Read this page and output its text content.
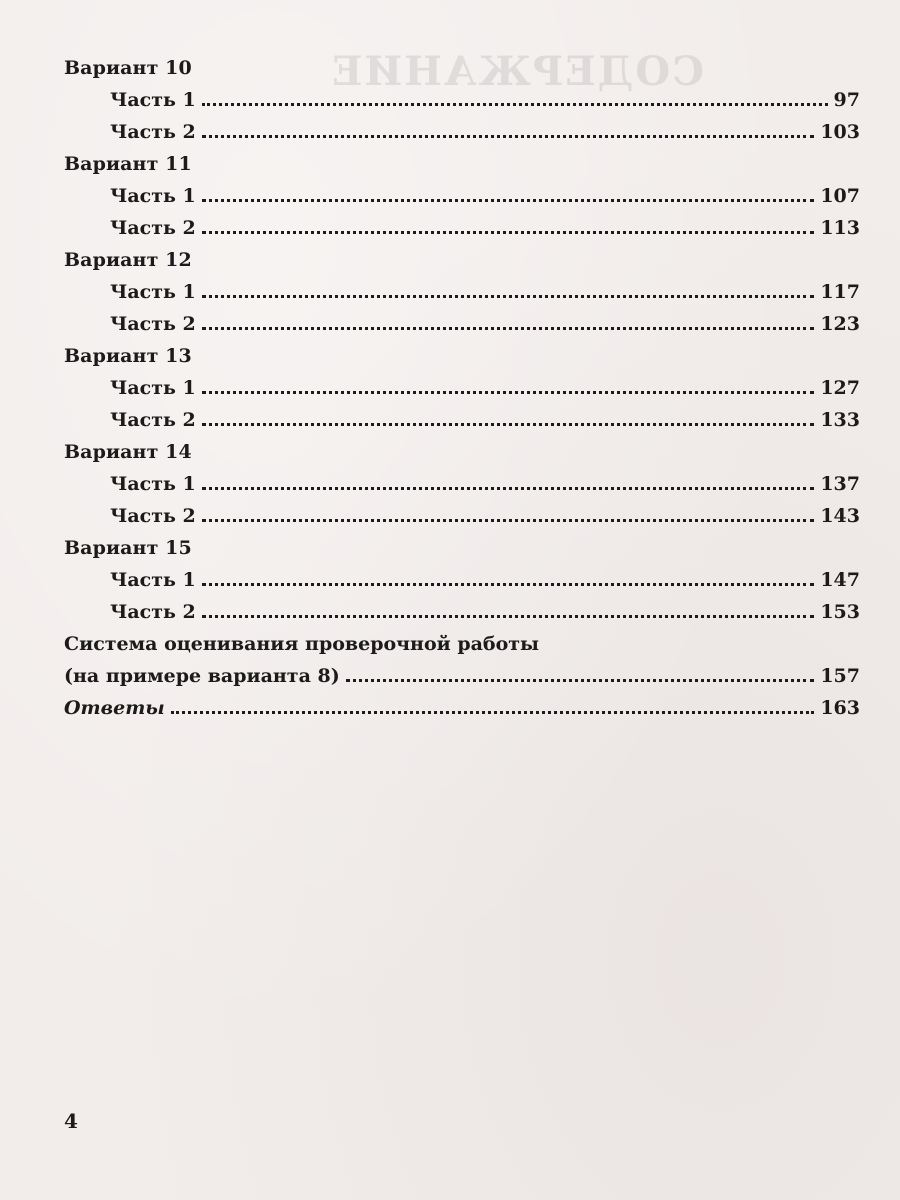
СОДЕРЖАНИЕ
Вариант 10
Часть 1	97
Часть 2	103
Вариант 11
Часть 1	107
Часть 2	113
Вариант 12
Часть 1	117
Часть 2	123
Вариант 13
Часть 1	127
Часть 2	133
Вариант 14
Часть 1	137
Часть 2	143
Вариант 15
Часть 1	147
Часть 2	153
Система оценивания проверочной работы
(на примере варианта 8)	157
Ответы	163
4
